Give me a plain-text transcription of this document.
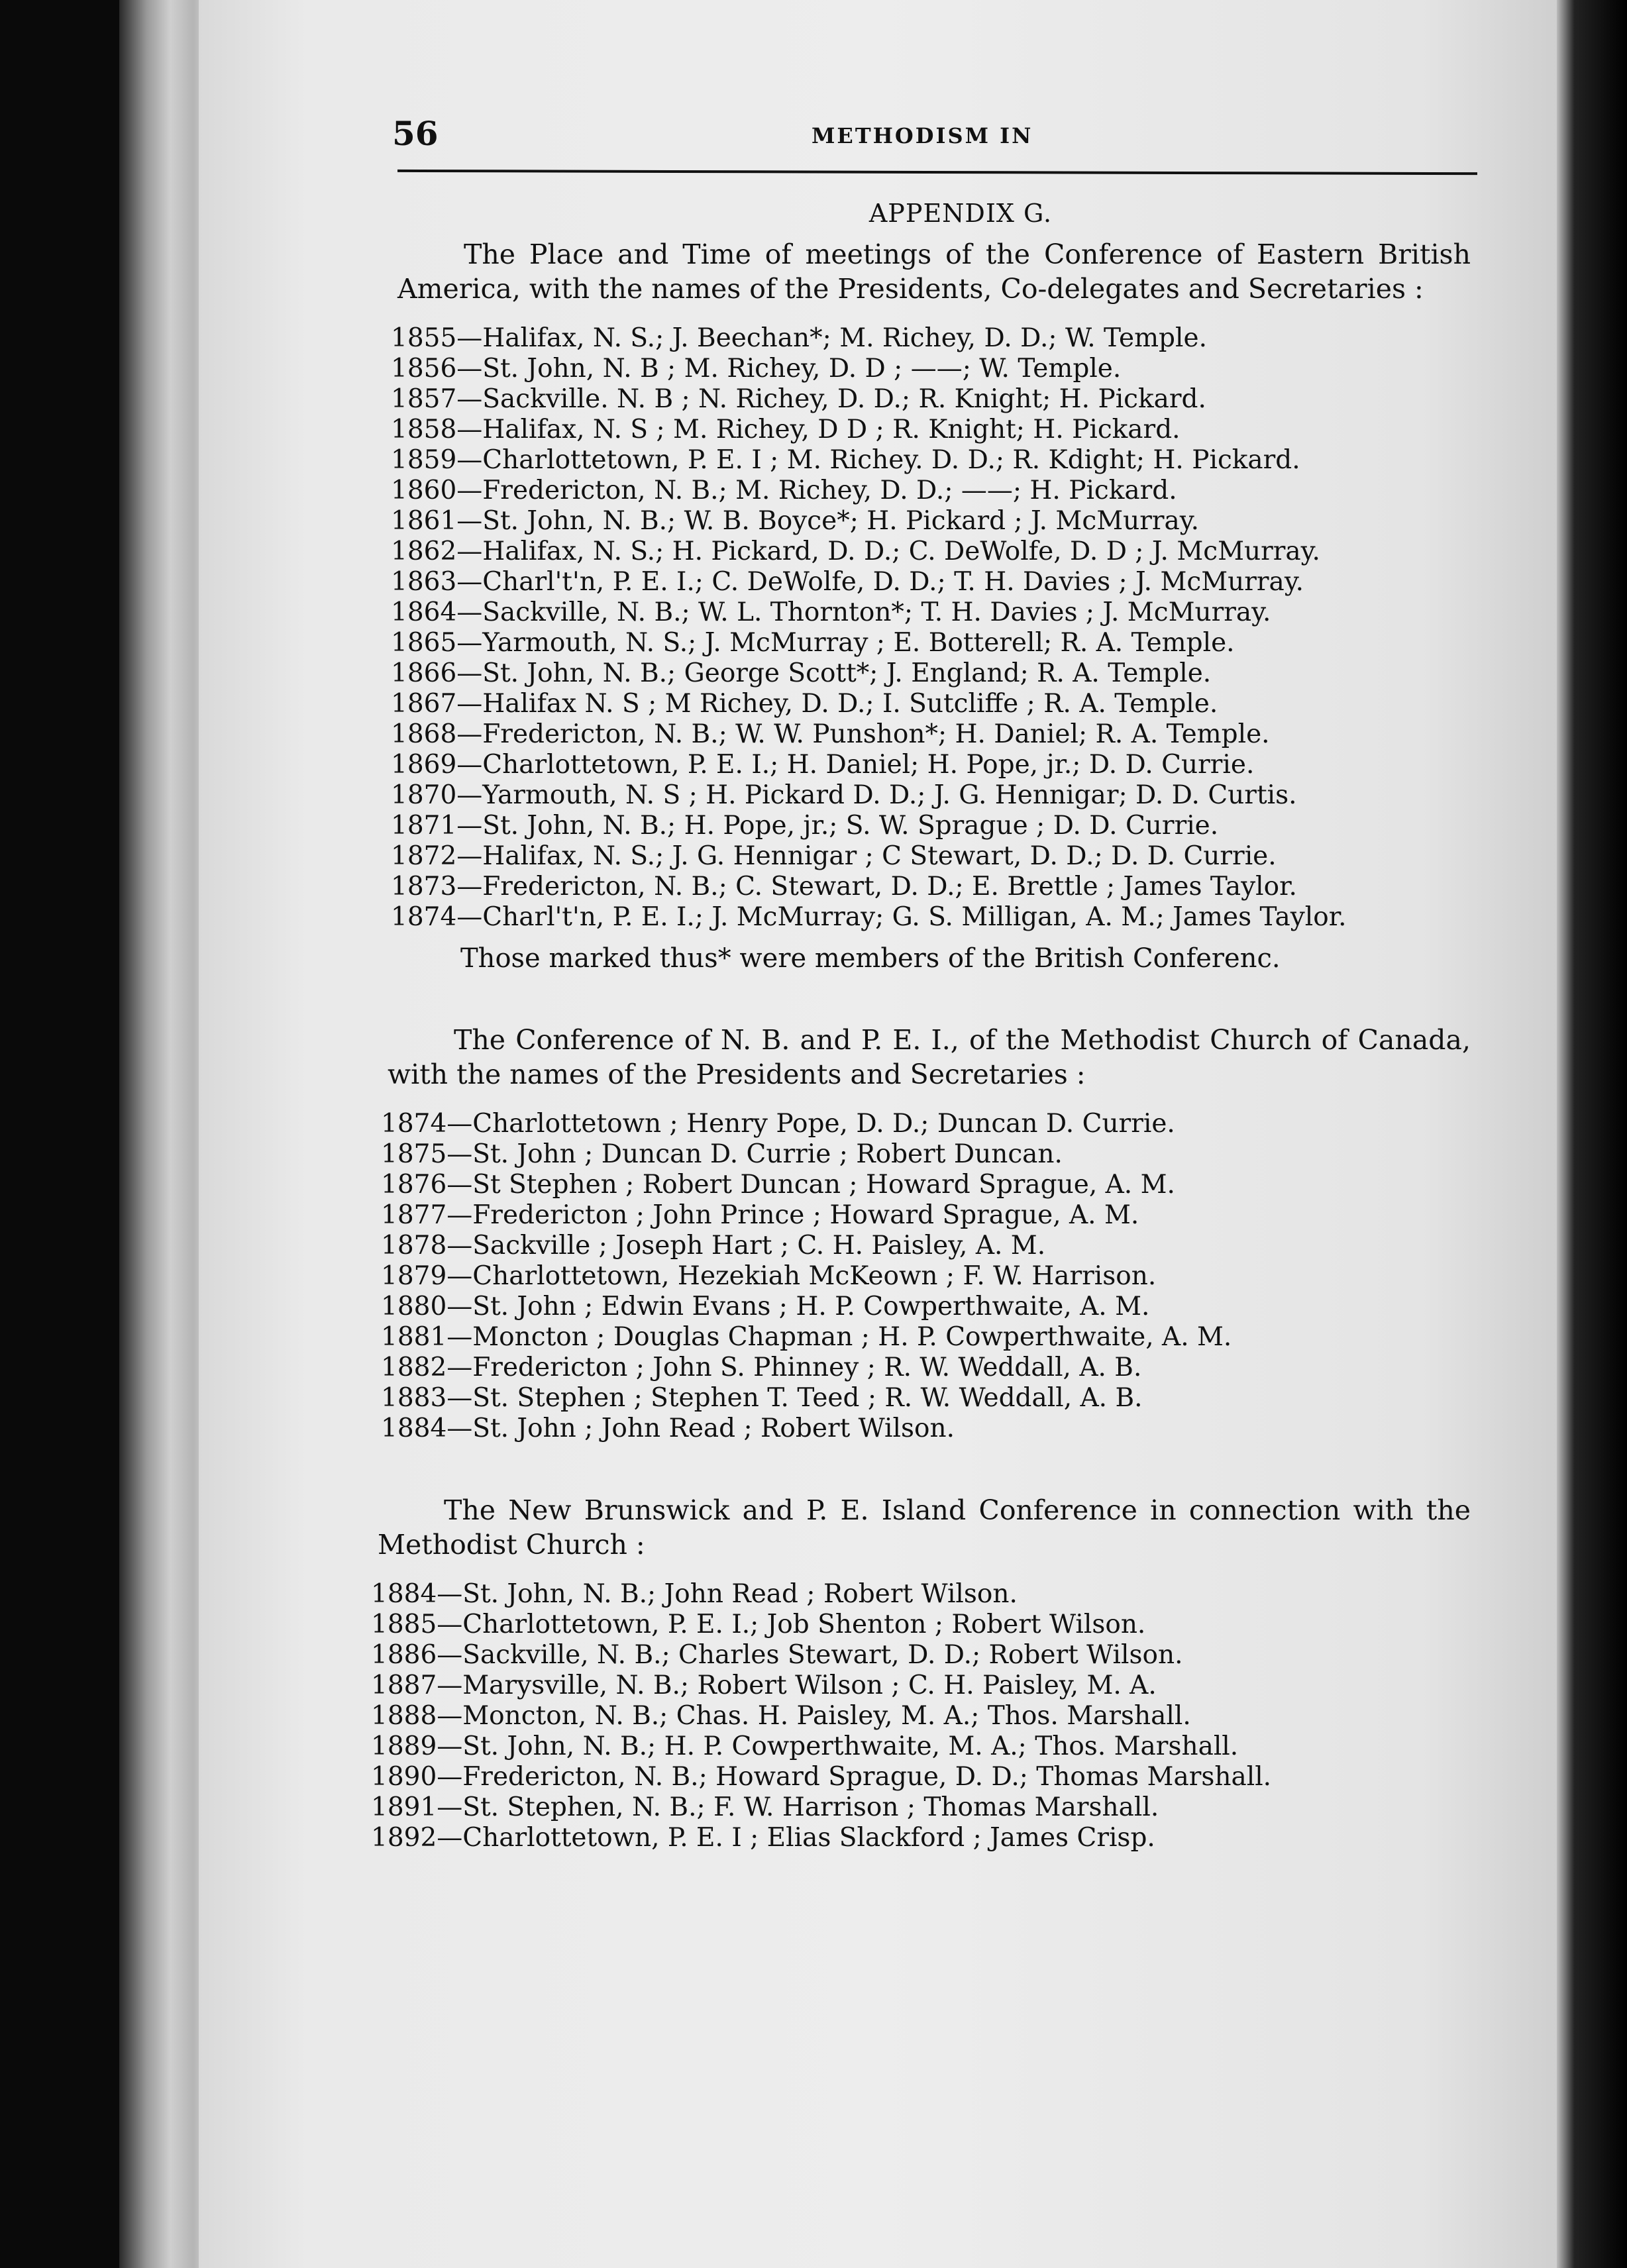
56	METHODISM IN
APPENDIX G.

The Place and Time of meetings of the Conference of Eastern British America, with the names of the Presidents, Co-delegates and Secretaries :

1855—Halifax, N. S.; J. Beechan*; M. Richey, D. D.; W. Temple.
1856—St. John, N. B ; M. Richey, D. D ; ——; W. Temple.
1857—Sackville. N. B ; N. Richey, D. D.; R. Knight; H. Pickard.
1858—Halifax, N. S ; M. Richey, D D ; R. Knight; H. Pickard.
1859—Charlottetown, P. E. I ; M. Richey. D. D.; R. Kdight; H. Pickard.
1860—Fredericton, N. B.; M. Richey, D. D.; ——; H. Pickard.
1861—St. John, N. B.; W. B. Boyce*; H. Pickard ; J. McMurray.
1862—Halifax, N. S.; H. Pickard, D. D.; C. DeWolfe, D. D ; J. McMurray.
1863—Charl't'n, P. E. I.; C. DeWolfe, D. D.; T. H. Davies ; J. McMurray.
1864—Sackville, N. B.; W. L. Thornton*; T. H. Davies ; J. McMurray.
1865—Yarmouth, N. S.; J. McMurray ; E. Botterell; R. A. Temple.
1866—St. John, N. B.; George Scott*; J. England; R. A. Temple.
1867—Halifax N. S ; M Richey, D. D.; I. Sutcliffe ; R. A. Temple.
1868—Fredericton, N. B.; W. W. Punshon*; H. Daniel; R. A. Temple.
1869—Charlottetown, P. E. I.; H. Daniel; H. Pope, jr.; D. D. Currie.
1870—Yarmouth, N. S ; H. Pickard D. D.; J. G. Hennigar; D. D. Curtis.
1871—St. John, N. B.; H. Pope, jr.; S. W. Sprague ; D. D. Currie.
1872—Halifax, N. S.; J. G. Hennigar ; C Stewart, D. D.; D. D. Currie.
1873—Fredericton, N. B.; C. Stewart, D. D.; E. Brettle ; James Taylor.
1874—Charl't'n, P. E. I.; J. McMurray; G. S. Milligan, A. M.; James Taylor.
Those marked thus* were members of the British Conferenc.

The Conference of N. B. and P. E. I., of the Methodist Church of Canada, with the names of the Presidents and Secretaries :

1874—Charlottetown ; Henry Pope, D. D.; Duncan D. Currie.
1875—St. John ; Duncan D. Currie ; Robert Duncan.
1876—St Stephen ; Robert Duncan ; Howard Sprague, A. M.
1877—Fredericton ; John Prince ; Howard Sprague, A. M.
1878—Sackville ; Joseph Hart ; C. H. Paisley, A. M.
1879—Charlottetown, Hezekiah McKeown ; F. W. Harrison.
1880—St. John ; Edwin Evans ; H. P. Cowperthwaite, A. M.
1881—Moncton ; Douglas Chapman ; H. P. Cowperthwaite, A. M.
1882—Fredericton ; John S. Phinney ; R. W. Weddall, A. B.
1883—St. Stephen ; Stephen T. Teed ; R. W. Weddall, A. B.
1884—St. John ; John Read ; Robert Wilson.

The New Brunswick and P. E. Island Conference in connection with the Methodist Church :

1884—St. John, N. B.; John Read ; Robert Wilson.
1885—Charlottetown, P. E. I.; Job Shenton ; Robert Wilson.
1886—Sackville, N. B.; Charles Stewart, D. D.; Robert Wilson.
1887—Marysville, N. B.; Robert Wilson ; C. H. Paisley, M. A.
1888—Moncton, N. B.; Chas. H. Paisley, M. A.; Thos. Marshall.
1889—St. John, N. B.; H. P. Cowperthwaite, M. A.; Thos. Marshall.
1890—Fredericton, N. B.; Howard Sprague, D. D.; Thomas Marshall.
1891—St. Stephen, N. B.; F. W. Harrison ; Thomas Marshall.
1892—Charlottetown, P. E. I ; Elias Slackford ; James Crisp.
